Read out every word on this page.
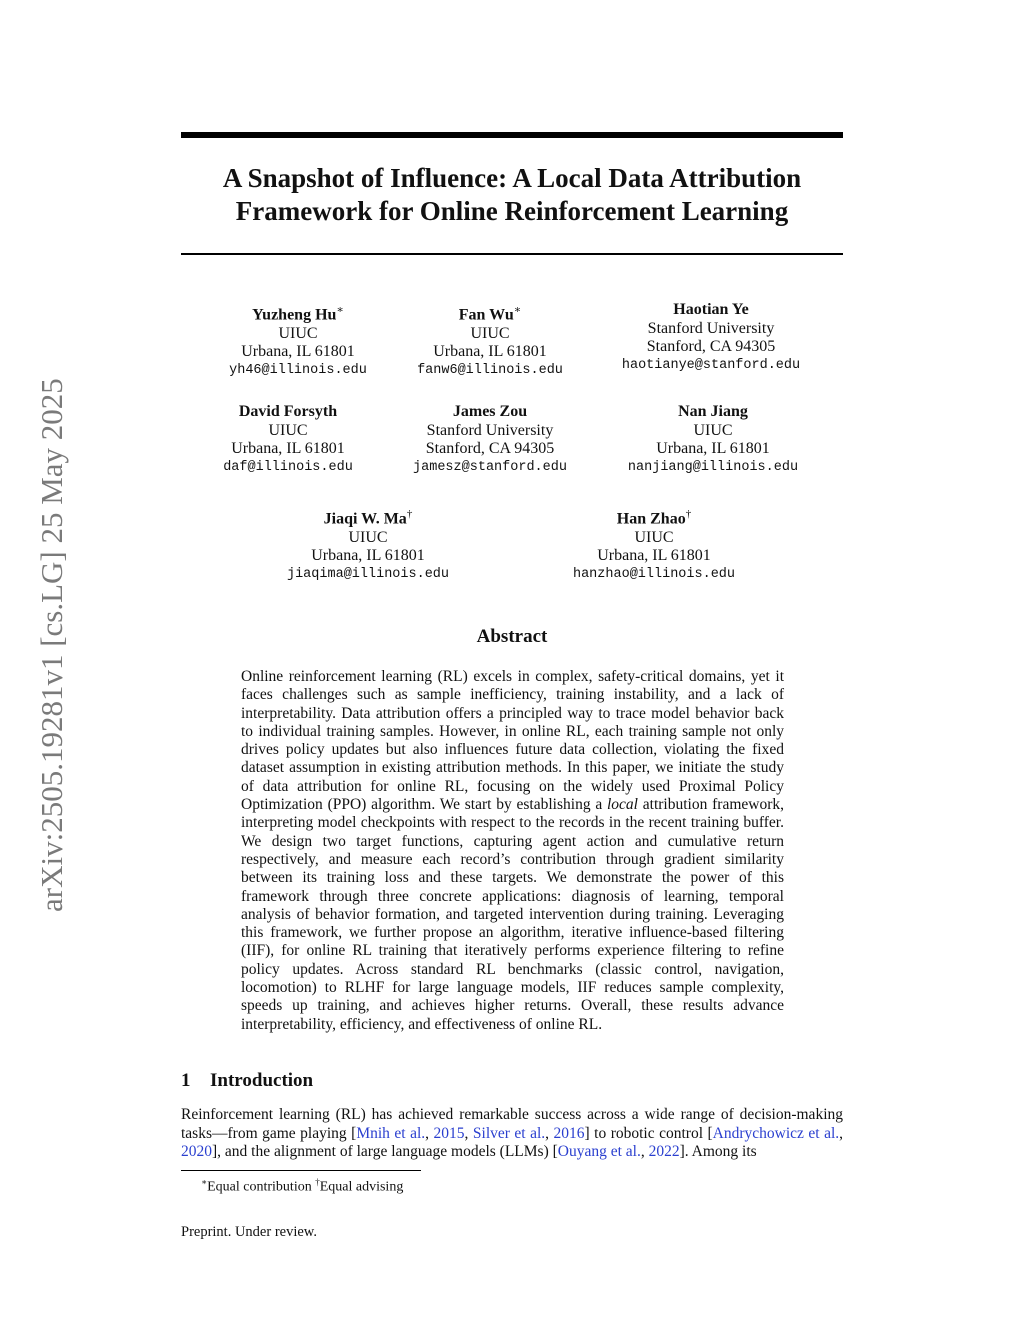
arXiv:2505.19281v1 [cs.LG] 25 May 2025
A Snapshot of Influence: A Local Data Attribution Framework for Online Reinforcement Learning
Yuzheng Hu∗
UIUC
Urbana, IL 61801
yh46@illinois.edu
Fan Wu∗
UIUC
Urbana, IL 61801
fanw6@illinois.edu
Haotian Ye
Stanford University
Stanford, CA 94305
haotianye@stanford.edu
David Forsyth
UIUC
Urbana, IL 61801
daf@illinois.edu
James Zou
Stanford University
Stanford, CA 94305
jamesz@stanford.edu
Nan Jiang
UIUC
Urbana, IL 61801
nanjiang@illinois.edu
Jiaqi W. Ma†
UIUC
Urbana, IL 61801
jiaqima@illinois.edu
Han Zhao†
UIUC
Urbana, IL 61801
hanzhao@illinois.edu
Abstract
Online reinforcement learning (RL) excels in complex, safety-critical domains, yet it faces challenges such as sample inefficiency, training instability, and a lack of interpretability. Data attribution offers a principled way to trace model behavior back to individual training samples. However, in online RL, each training sample not only drives policy updates but also influences future data collection, violating the fixed dataset assumption in existing attribution methods. In this paper, we initiate the study of data attribution for online RL, focusing on the widely used Proximal Policy Optimization (PPO) algorithm. We start by establishing a local attribution framework, interpreting model checkpoints with respect to the records in the recent training buffer. We design two target functions, capturing agent action and cumulative return respectively, and measure each record’s contribution through gradient similarity between its training loss and these targets. We demonstrate the power of this framework through three concrete applications: diagnosis of learning, temporal analysis of behavior formation, and targeted intervention during training. Leveraging this framework, we further propose an algorithm, iterative influence-based filtering (IIF), for online RL training that iteratively performs experience filtering to refine policy updates. Across standard RL benchmarks (classic control, navigation, locomotion) to RLHF for large language models, IIF reduces sample complexity, speeds up training, and achieves higher returns. Overall, these results advance interpretability, efficiency, and effectiveness of online RL.
1 Introduction
Reinforcement learning (RL) has achieved remarkable success across a wide range of decision-making tasks—from game playing [Mnih et al., 2015, Silver et al., 2016] to robotic control [Andrychowicz et al., 2020], and the alignment of large language models (LLMs) [Ouyang et al., 2022]. Among its
∗Equal contribution †Equal advising
Preprint. Under review.
